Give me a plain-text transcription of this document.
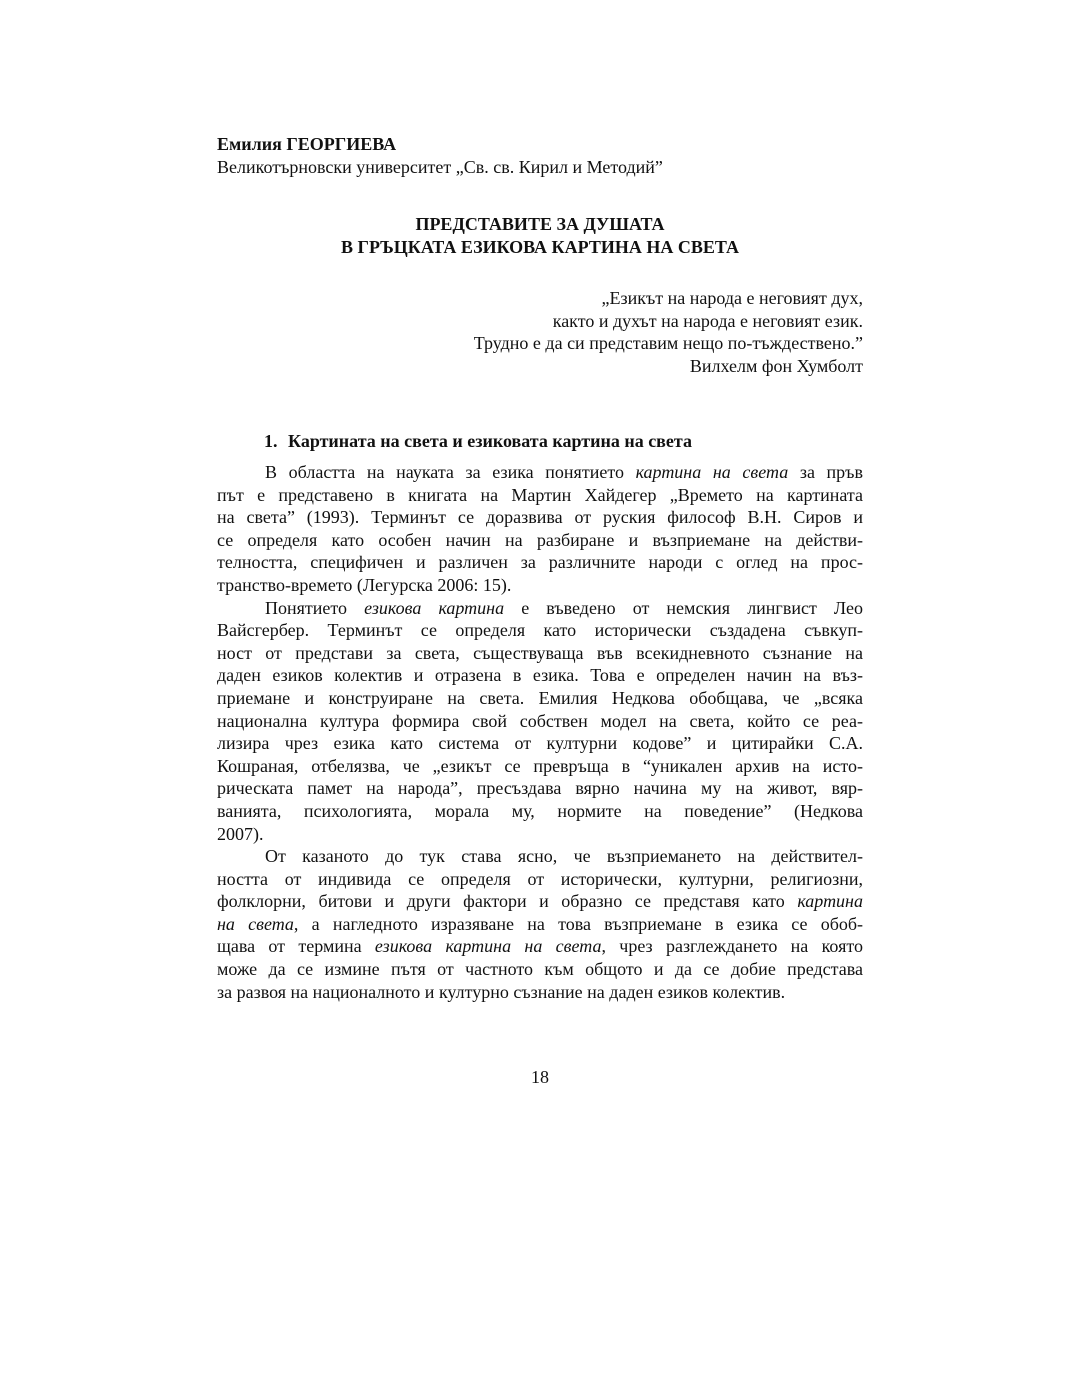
Емилия ГЕОРГИЕВА
Великотърновски университет „Св. св. Кирил и Методий”
ПРЕДСТАВИТЕ ЗА ДУШАТА
В ГРЪЦКАТА ЕЗИКОВА КАРТИНА НА СВЕТА
„Езикът на народа е неговият дух,
както и духът на народа е неговият език.
Трудно е да си представим нещо по-тъждествено.”
Вилхелм фон Хумболт
1. Картината на света и езиковата картина на света
В областта на науката за езика понятието картина на света за пръв
път е представено в книгата на Мартин Хайдегер „Времето на картината
на света” (1993). Терминът се доразвива от руския философ В.Н. Сиров и
се определя като особен начин на разбиране и възприемане на действи-
телността, специфичен и различен за различните народи с оглед на прос-
транство-времето (Легурска 2006: 15).
Понятието езикова картина е въведено от немския лингвист Лео
Вайсгербер. Терминът се определя като исторически създадена съвкуп-
ност от представи за света, съществуваща във всекидневното съзнание на
даден езиков колектив и отразена в езика. Това е определен начин на въз-
приемане и конструиране на света. Емилия Недкова обобщава, че „всяка
национална култура формира свой собствен модел на света, който се реа-
лизира чрез езика като система от културни кодове” и цитирайки С.А.
Кошраная, отбелязва, че „езикът се превръща в “уникален архив на исто-
рическата памет на народа”, пресъздава вярно начина му на живот, вяр-
ванията, психологията, морала му, нормите на поведение” (Недкова
2007).
От казаното до тук става ясно, че възприемането на действител-
ността от индивида се определя от исторически, културни, религиозни,
фолклорни, битови и други фактори и образно се представя като картина
на света, а нагледното изразяване на това възприемане в езика се обоб-
щава от термина езикова картина на света, чрез разглеждането на която
може да се измине пътя от частното към общото и да се добие представа
за развоя на националното и културно съзнание на даден езиков колектив.
18
